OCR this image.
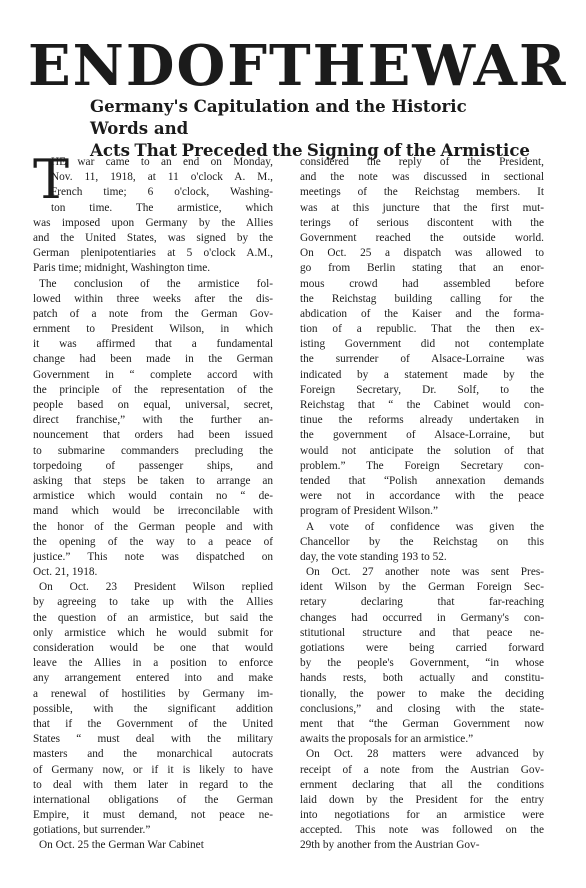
END OF THE WAR
Germany's Capitulation and the Historic Words and
Acts That Preceded the Signing of the Armistice
T
HE war came to an end on Monday,
Nov. 11, 1918, at 11 o'clock A. M.,
French time; 6 o'clock, Washing-
ton time. The armistice, which
was imposed upon Germany by the Allies
and the United States, was signed by the
German plenipotentiaries at 5 o'clock A.M.,
Paris time; midnight, Washington time.
The conclusion of the armistice fol-
lowed within three weeks after the dis-
patch of a note from the German Gov-
ernment to President Wilson, in which
it was affirmed that a fundamental
change had been made in the German
Government in “ complete accord with
the principle of the representation of the
people based on equal, universal, secret,
direct franchise,” with the further an-
nouncement that orders had been issued
to submarine commanders precluding the
torpedoing of passenger ships, and
asking that steps be taken to arrange an
armistice which would contain no “ de-
mand which would be irreconcilable with
the honor of the German people and with
the opening of the way to a peace of
justice.” This note was dispatched on
Oct. 21, 1918.
On Oct. 23 President Wilson replied
by agreeing to take up with the Allies
the question of an armistice, but said the
only armistice which he would submit for
consideration would be one that would
leave the Allies in a position to enforce
any arrangement entered into and make
a renewal of hostilities by Germany im-
possible, with the significant addition
that if the Government of the United
States “ must deal with the military
masters and the monarchical autocrats
of Germany now, or if it is likely to have
to deal with them later in regard to the
international obligations of the German
Empire, it must demand, not peace ne-
gotiations, but surrender.”
On Oct. 25 the German War Cabinet
considered the reply of the President,
and the note was discussed in sectional
meetings of the Reichstag members. It
was at this juncture that the first mut-
terings of serious discontent with the
Government reached the outside world.
On Oct. 25 a dispatch was allowed to
go from Berlin stating that an enor-
mous crowd had assembled before
the Reichstag building calling for the
abdication of the Kaiser and the forma-
tion of a republic. That the then ex-
isting Government did not contemplate
the surrender of Alsace-Lorraine was
indicated by a statement made by the
Foreign Secretary, Dr. Solf, to the
Reichstag that “ the Cabinet would con-
tinue the reforms already undertaken in
the government of Alsace-Lorraine, but
would not anticipate the solution of that
problem.” The Foreign Secretary con-
tended that “Polish annexation demands
were not in accordance with the peace
program of President Wilson.”
A vote of confidence was given the
Chancellor by the Reichstag on this
day, the vote standing 193 to 52.
On Oct. 27 another note was sent Pres-
ident Wilson by the German Foreign Sec-
retary declaring that far-reaching
changes had occurred in Germany's con-
stitutional structure and that peace ne-
gotiations were being carried forward
by the people's Government, “in whose
hands rests, both actually and constitu-
tionally, the power to make the deciding
conclusions,” and closing with the state-
ment that “the German Government now
awaits the proposals for an armistice.”
On Oct. 28 matters were advanced by
receipt of a note from the Austrian Gov-
ernment declaring that all the conditions
laid down by the President for the entry
into negotiations for an armistice were
accepted. This note was followed on the
29th by another from the Austrian Gov-
